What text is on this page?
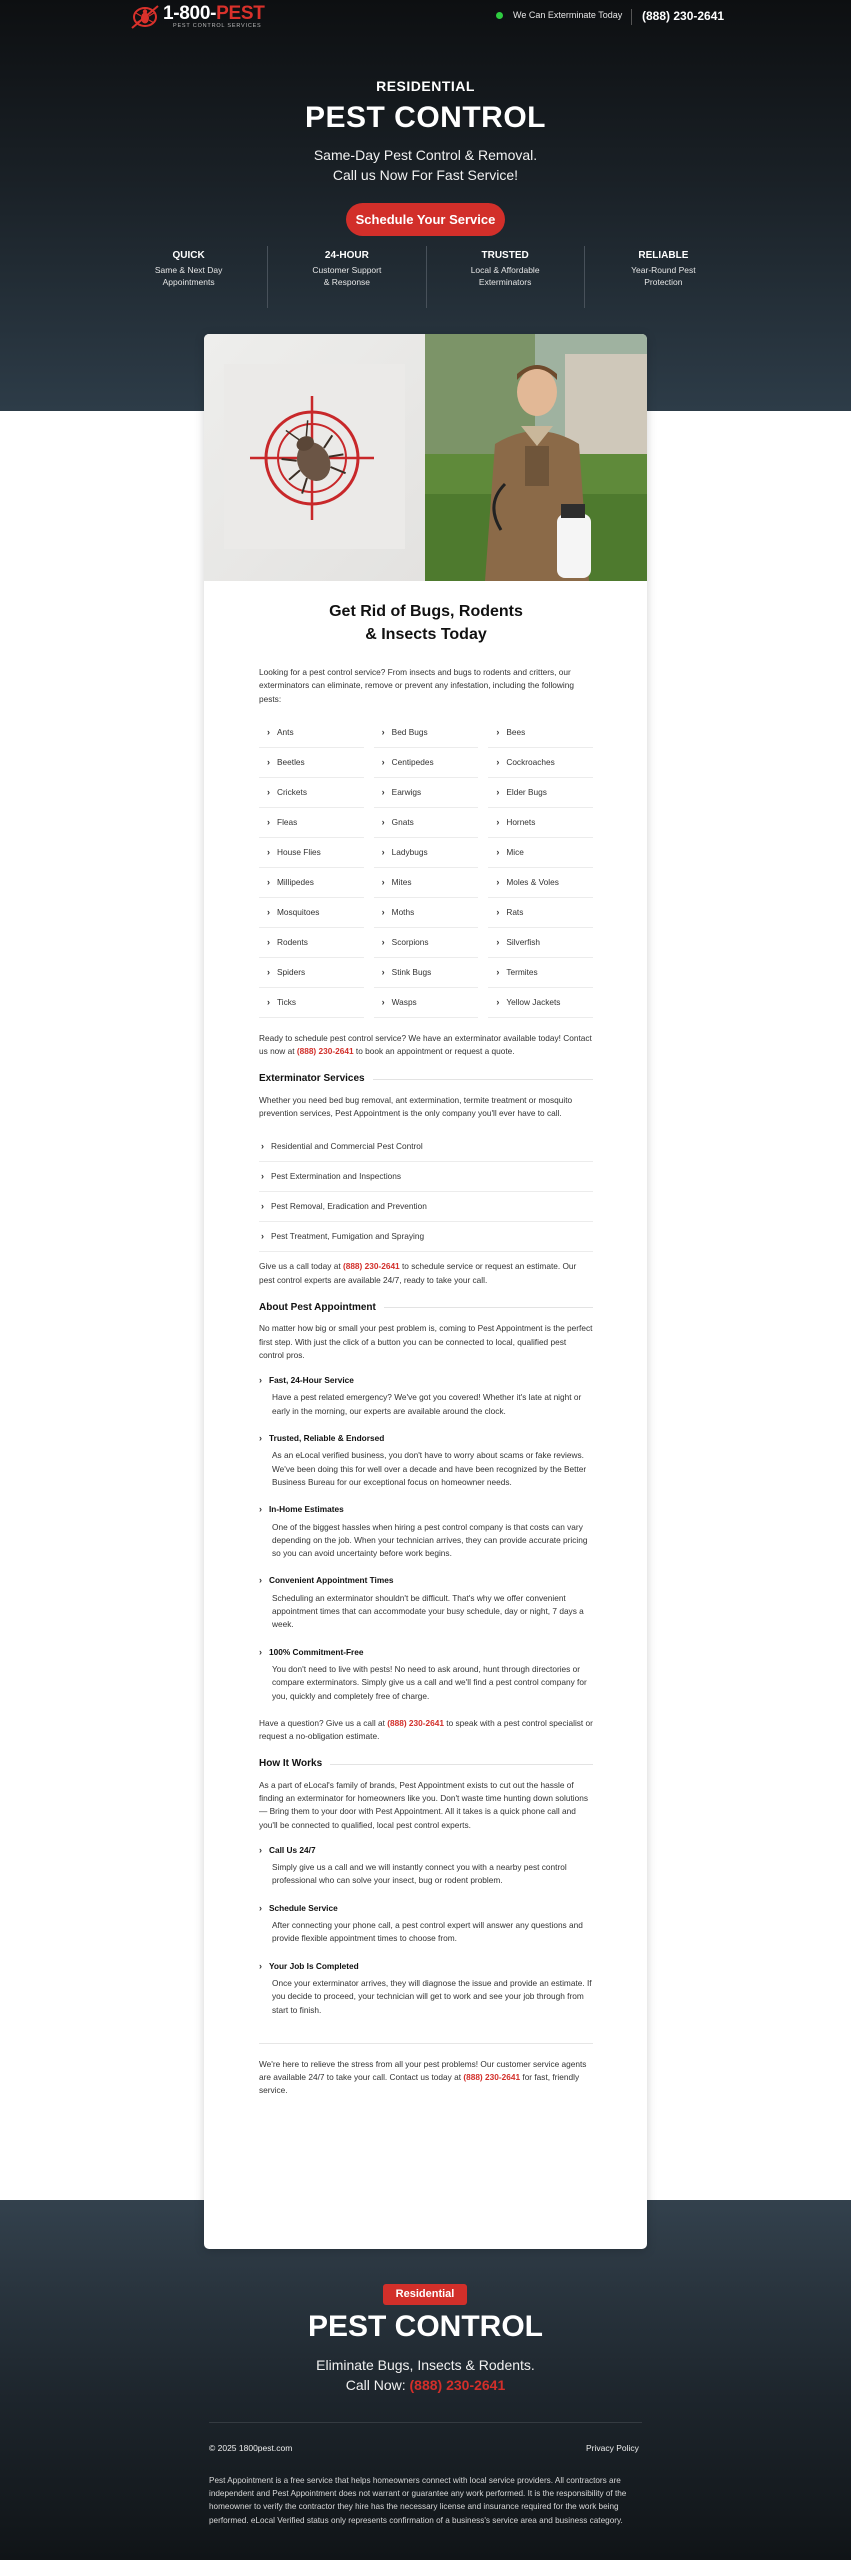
1-800-PEST
PEST CONTROL SERVICES
We Can Exterminate Today (888) 230-2641
RESIDENTIAL
PEST CONTROL
Same-Day Pest Control & Removal.
Call us Now For Fast Service!
Schedule Your Service
QUICK
Same & Next Day
Appointments
24-HOUR
Customer Support
& Response
TRUSTED
Local & Affordable
Exterminators
RELIABLE
Year-Round Pest
Protection
Residential
PEST CONTROL
Eliminate Bugs, Insects & Rodents.
Call Now: (888) 230-2641
© 2025 1800pest.com	Privacy Policy
Pest Appointment is a free service that helps homeowners connect with local service providers. All contractors are independent and Pest Appointment does not warrant or guarantee any work performed. It is the responsibility of the homeowner to verify the contractor they hire has the necessary license and insurance required for the work being performed. eLocal Verified status only represents confirmation of a business's service area and business category.
Get Rid of Bugs, Rodents
& Insects Today
Looking for a pest control service? From insects and bugs to rodents and critters, our exterminators can eliminate, remove or prevent any infestation, including the following pests:
› Ants	› Bed Bugs	› Bees
› Beetles	› Centipedes	› Cockroaches
› Crickets	› Earwigs	› Elder Bugs
› Fleas	› Gnats	› Hornets
› House Flies	› Ladybugs	› Mice
› Millipedes	› Mites	› Moles & Voles
› Mosquitoes	› Moths	› Rats
› Rodents	› Scorpions	› Silverfish
› Spiders	› Stink Bugs	› Termites
› Ticks	› Wasps	› Yellow Jackets
Ready to schedule pest control service? We have an exterminator available today! Contact us now at (888) 230-2641 to book an appointment or request a quote.
Exterminator Services
Whether you need bed bug removal, ant extermination, termite treatment or mosquito prevention services, Pest Appointment is the only company you'll ever have to call.
› Residential and Commercial Pest Control
› Pest Extermination and Inspections
› Pest Removal, Eradication and Prevention
› Pest Treatment, Fumigation and Spraying
Give us a call today at (888) 230-2641 to schedule service or request an estimate. Our pest control experts are available 24/7, ready to take your call.
About Pest Appointment
No matter how big or small your pest problem is, coming to Pest Appointment is the perfect first step. With just the click of a button you can be connected to local, qualified pest control pros.
› Fast, 24-Hour Service
Have a pest related emergency? We've got you covered! Whether it's late at night or early in the morning, our experts are available around the clock.
› Trusted, Reliable & Endorsed
As an eLocal verified business, you don't have to worry about scams or fake reviews. We've been doing this for well over a decade and have been recognized by the Better Business Bureau for our exceptional focus on homeowner needs.
› In-Home Estimates
One of the biggest hassles when hiring a pest control company is that costs can vary depending on the job. When your technician arrives, they can provide accurate pricing so you can avoid uncertainty before work begins.
› Convenient Appointment Times
Scheduling an exterminator shouldn't be difficult. That's why we offer convenient appointment times that can accommodate your busy schedule, day or night, 7 days a week.
› 100% Commitment-Free
You don't need to live with pests! No need to ask around, hunt through directories or compare exterminators. Simply give us a call and we'll find a pest control company for you, quickly and completely free of charge.
Have a question? Give us a call at (888) 230-2641 to speak with a pest control specialist or request a no-obligation estimate.
How It Works
As a part of eLocal's family of brands, Pest Appointment exists to cut out the hassle of finding an exterminator for homeowners like you. Don't waste time hunting down solutions — Bring them to your door with Pest Appointment. All it takes is a quick phone call and you'll be connected to qualified, local pest control experts.
› Call Us 24/7
Simply give us a call and we will instantly connect you with a nearby pest control professional who can solve your insect, bug or rodent problem.
› Schedule Service
After connecting your phone call, a pest control expert will answer any questions and provide flexible appointment times to choose from.
› Your Job Is Completed
Once your exterminator arrives, they will diagnose the issue and provide an estimate. If you decide to proceed, your technician will get to work and see your job through from start to finish.
We're here to relieve the stress from all your pest problems! Our customer service agents are available 24/7 to take your call. Contact us today at (888) 230-2641 for fast, friendly service.
